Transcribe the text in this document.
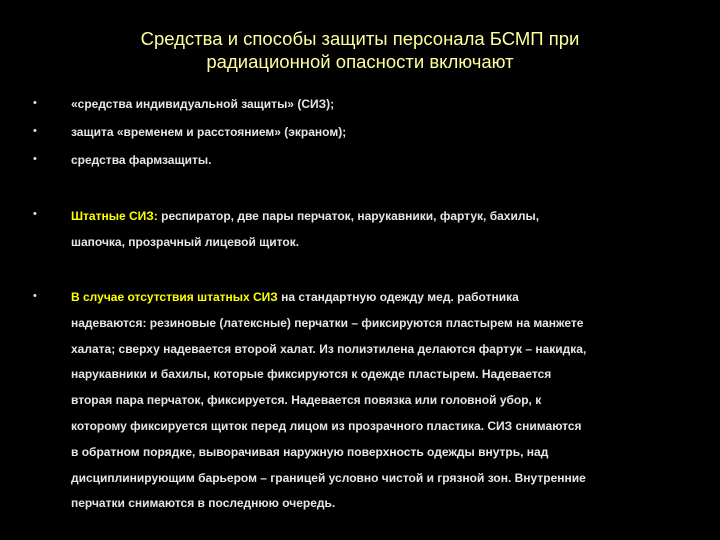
Средства и способы защиты персонала БСМП при
радиационной опасности включают
•	«средства индивидуальной защиты» (СИЗ);
•	защита «временем и расстоянием» (экраном);
•	средства фармзащиты.
•	Штатные СИЗ: респиратор, две пары перчаток, нарукавники, фартук, бахилы,
шапочка, прозрачный лицевой щиток.
•	В случае отсутствия штатных СИЗ на стандартную одежду мед. работника
надеваются: резиновые (латексные) перчатки – фиксируются пластырем на манжете
халата; сверху надевается второй халат. Из полиэтилена делаются фартук – накидка,
нарукавники и бахилы, которые фиксируются к одежде пластырем. Надевается
вторая пара перчаток, фиксируется. Надевается повязка или головной убор, к
которому фиксируется щиток перед лицом из прозрачного пластика. СИЗ снимаются
в обратном порядке, выворачивая наружную поверхность одежды внутрь, над
дисциплинирующим барьером – границей условно чистой и грязной зон. Внутренние
перчатки снимаются в последнюю очередь.
